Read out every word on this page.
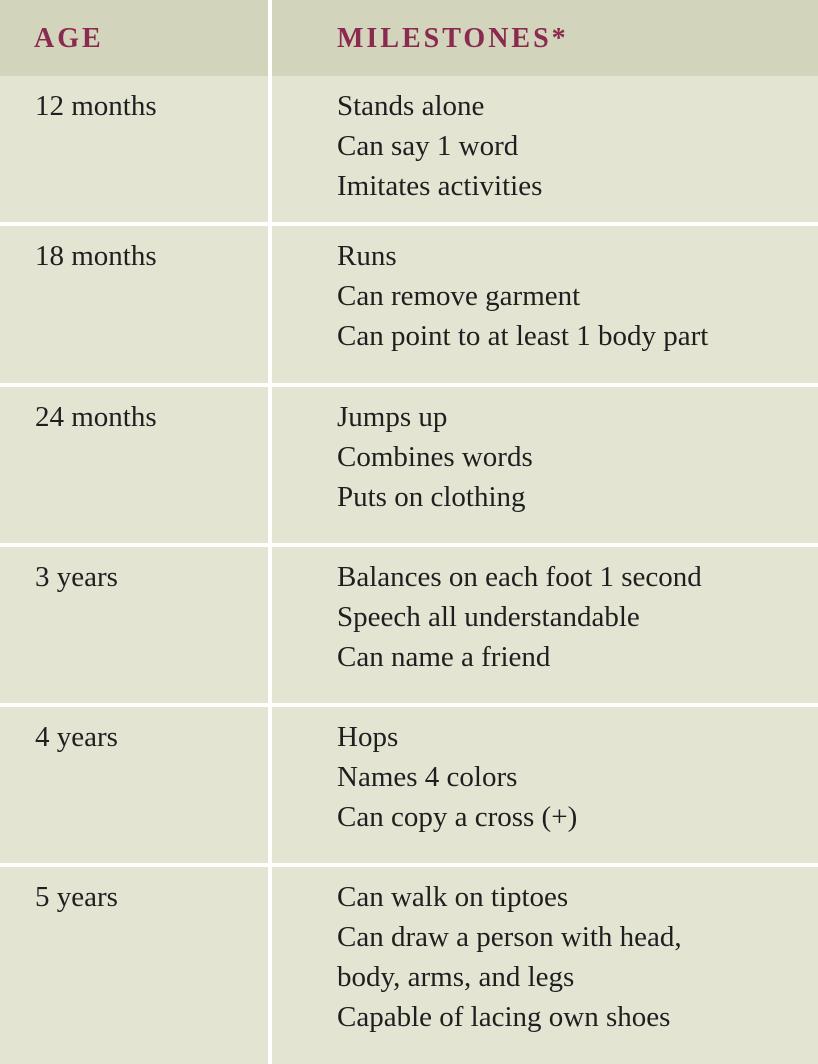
AGE	MILESTONES*
12 months	Stands alone
Can say 1 word
Imitates activities
18 months	Runs
Can remove garment
Can point to at least 1 body part
24 months	Jumps up
Combines words
Puts on clothing
3 years	Balances on each foot 1 second
Speech all understandable
Can name a friend
4 years	Hops
Names 4 colors
Can copy a cross (+)
5 years	Can walk on tiptoes
Can draw a person with head,
body, arms, and legs
Capable of lacing own shoes
